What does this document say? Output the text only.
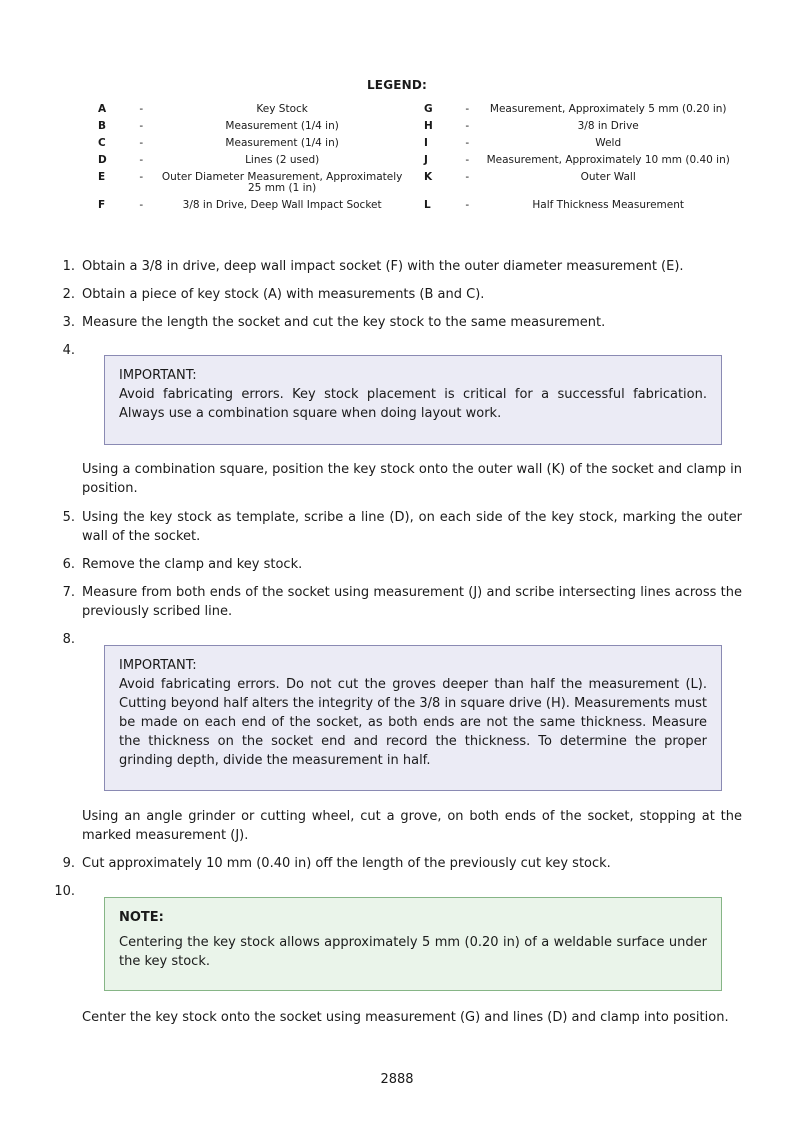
LEGEND:
A	-	Key Stock		G	-	Measurement, Approximately 5 mm (0.20 in)
B	-	Measurement (1/4 in)		H	-	3/8 in Drive
C	-	Measurement (1/4 in)		I	-	Weld
D	-	Lines (2 used)		J	-	Measurement, Approximately 10 mm (0.40 in)
E	-	Outer Diameter Measurement, Approximately 25 mm (1 in)		K	-	Outer Wall
F	-	3/8 in Drive, Deep Wall Impact Socket		L	-	Half Thickness Measurement
1. Obtain a 3/8 in drive, deep wall impact socket (F) with the outer diameter measurement (E).
2. Obtain a piece of key stock (A) with measurements (B and C).
3. Measure the length the socket and cut the key stock to the same measurement.
4.
IMPORTANT:
Avoid fabricating errors. Key stock placement is critical for a successful fabrication. Always use a combination square when doing layout work.
Using a combination square, position the key stock onto the outer wall (K) of the socket and clamp in position.
5. Using the key stock as template, scribe a line (D), on each side of the key stock, marking the outer wall of the socket.
6. Remove the clamp and key stock.
7. Measure from both ends of the socket using measurement (J) and scribe intersecting lines across the previously scribed line.
8.
IMPORTANT:
Avoid fabricating errors. Do not cut the groves deeper than half the measurement (L). Cutting beyond half alters the integrity of the 3/8 in square drive (H). Measurements must be made on each end of the socket, as both ends are not the same thickness. Measure the thickness on the socket end and record the thickness. To determine the proper grinding depth, divide the measurement in half.
Using an angle grinder or cutting wheel, cut a grove, on both ends of the socket, stopping at the marked measurement (J).
9. Cut approximately 10 mm (0.40 in) off the length of the previously cut key stock.
10.
NOTE:
Centering the key stock allows approximately 5 mm (0.20 in) of a weldable surface under the key stock.
Center the key stock onto the socket using measurement (G) and lines (D) and clamp into position.
2888
